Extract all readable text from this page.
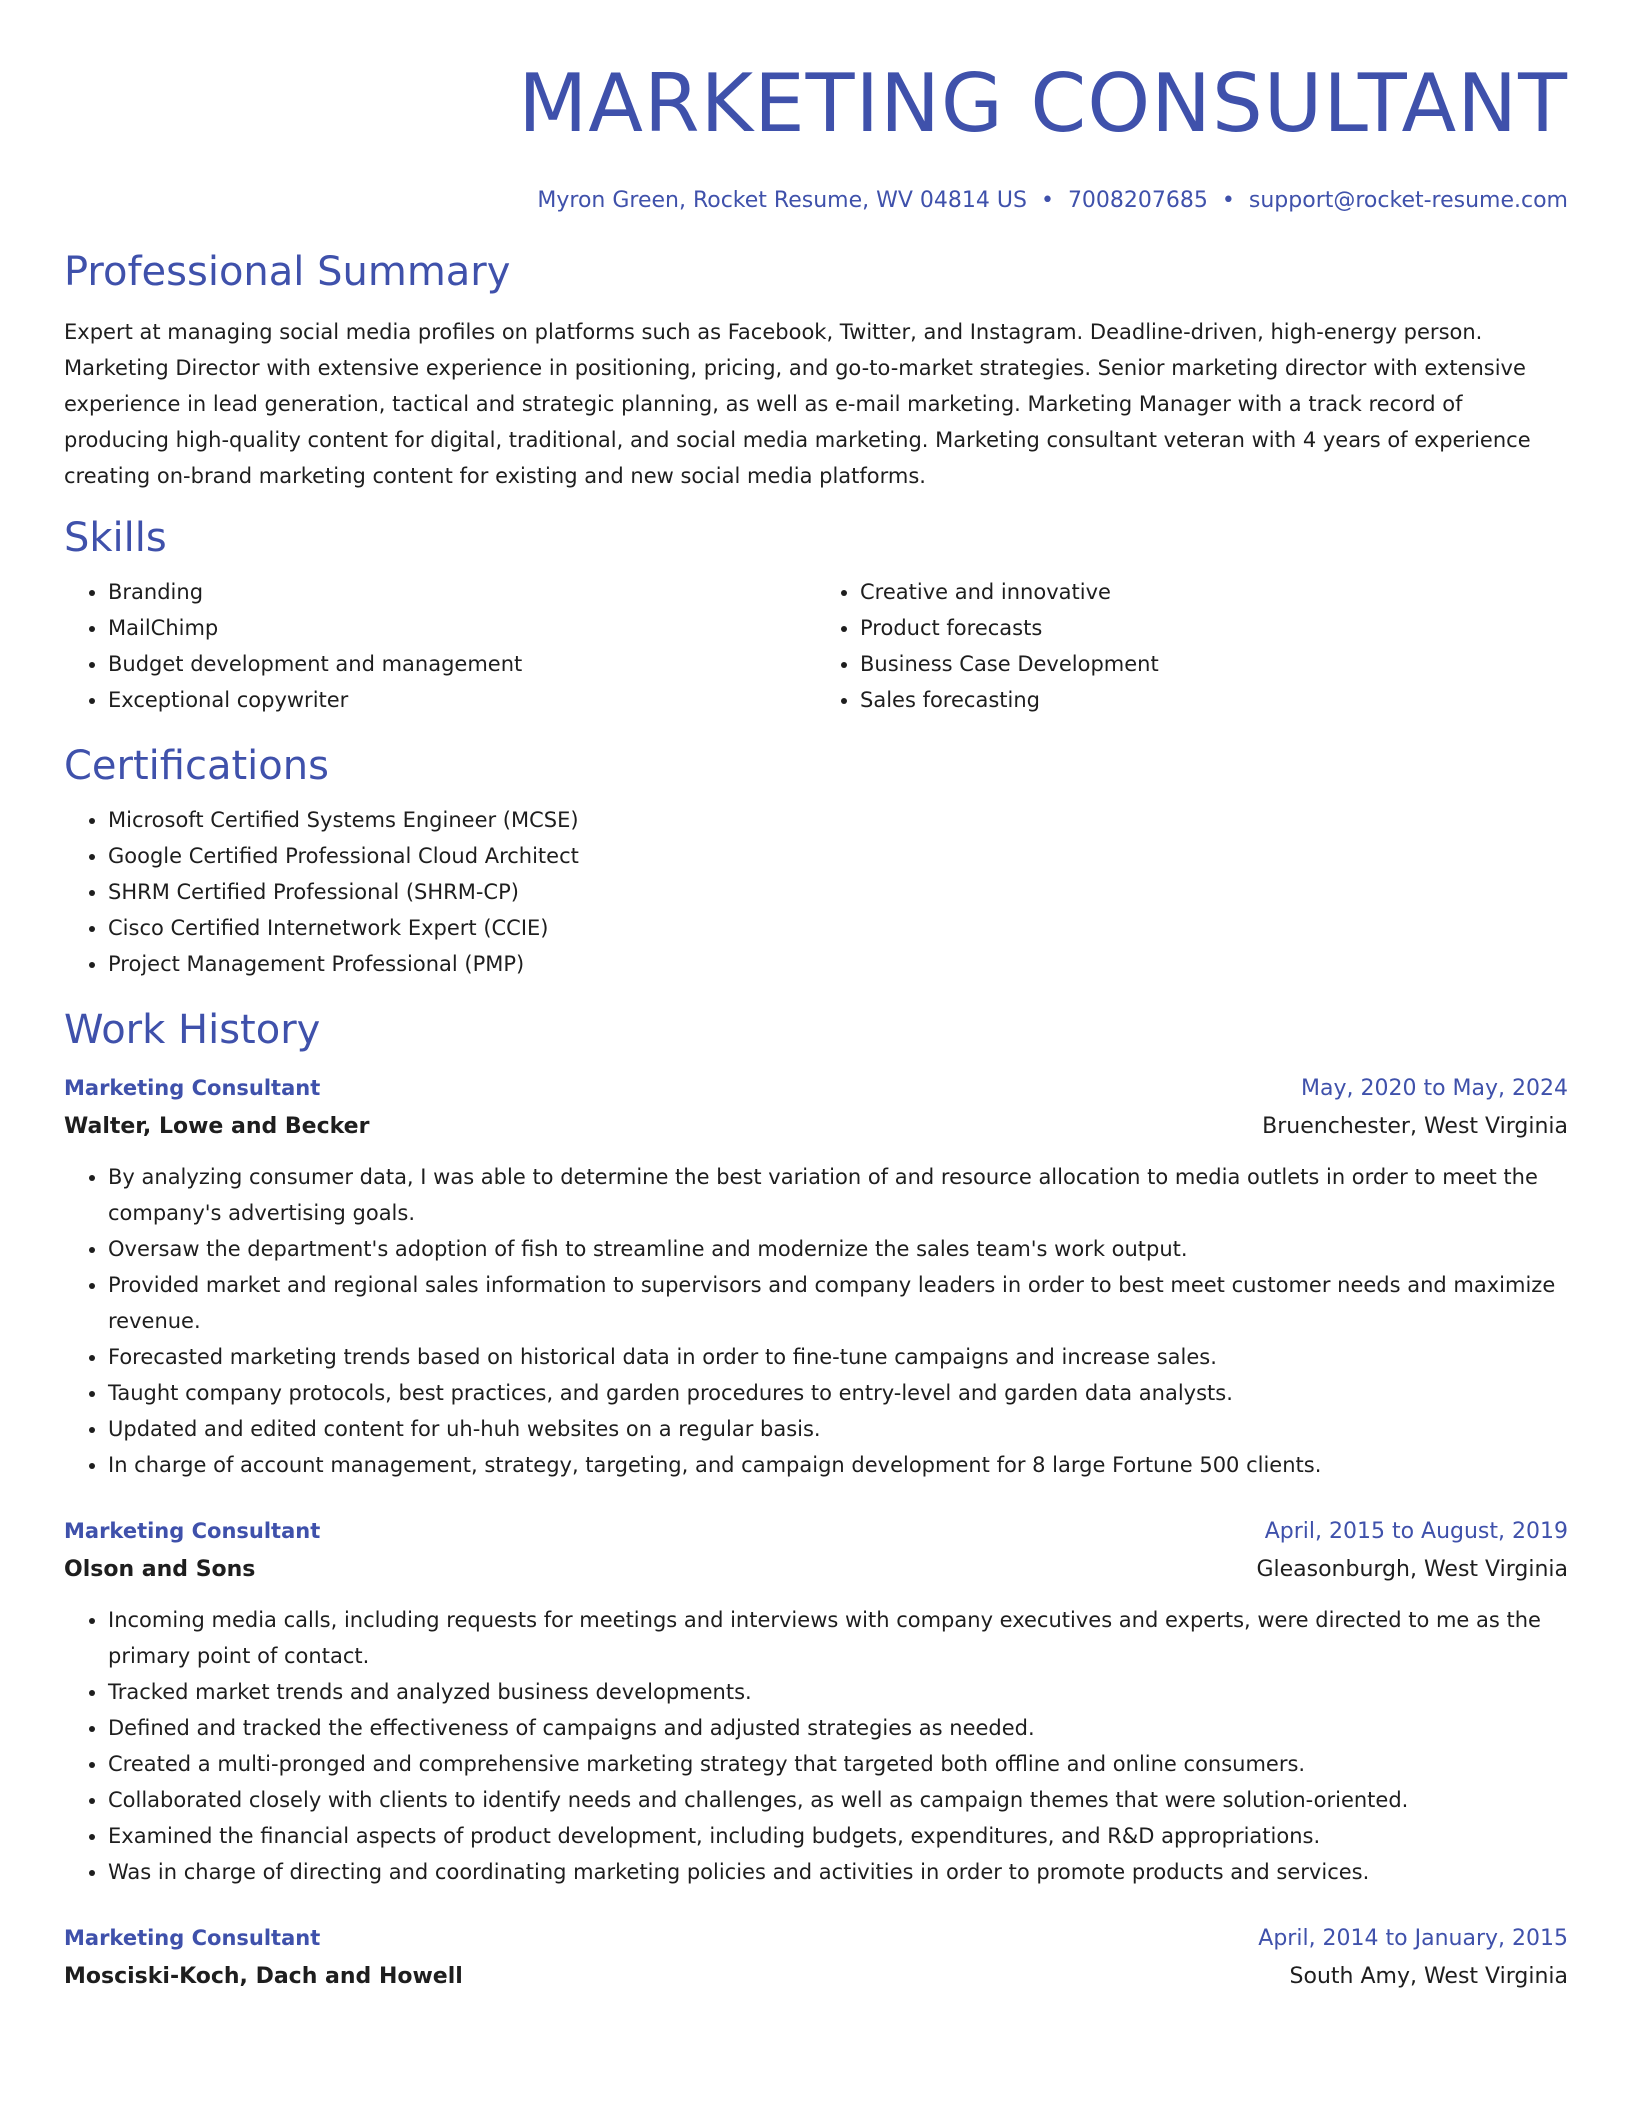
MARKETING CONSULTANT
Myron Green, Rocket Resume, WV 04814 US • 7008207685 • support@rocket-resume.com
Professional Summary

Expert at managing social media profiles on platforms such as Facebook, Twitter, and Instagram. Deadline-driven, high-energy person. Marketing Director with extensive experience in positioning, pricing, and go-to-market strategies. Senior marketing director with extensive experience in lead generation, tactical and strategic planning, as well as e-mail marketing. Marketing Manager with a track record of producing high-quality content for digital, traditional, and social media marketing. Marketing consultant veteran with 4 years of experience creating on-brand marketing content for existing and new social media platforms.

Skills
• Branding
• MailChimp
• Budget development and management
• Exceptional copywriter
• Creative and innovative
• Product forecasts
• Business Case Development
• Sales forecasting
Certifications
• Microsoft Certified Systems Engineer (MCSE)
• Google Certified Professional Cloud Architect
• SHRM Certified Professional (SHRM-CP)
• Cisco Certified Internetwork Expert (CCIE)
• Project Management Professional (PMP)
Work History
Marketing Consultant	May, 2020 to May, 2024
Walter, Lowe and Becker	Bruenchester, West Virginia
• By analyzing consumer data, I was able to determine the best variation of and resource allocation to media outlets in order to meet the company's advertising goals.
• Oversaw the department's adoption of fish to streamline and modernize the sales team's work output.
• Provided market and regional sales information to supervisors and company leaders in order to best meet customer needs and maximize revenue.
• Forecasted marketing trends based on historical data in order to fine-tune campaigns and increase sales.
• Taught company protocols, best practices, and garden procedures to entry-level and garden data analysts.
• Updated and edited content for uh-huh websites on a regular basis.
• In charge of account management, strategy, targeting, and campaign development for 8 large Fortune 500 clients.
Marketing Consultant	April, 2015 to August, 2019
Olson and Sons	Gleasonburgh, West Virginia
• Incoming media calls, including requests for meetings and interviews with company executives and experts, were directed to me as the primary point of contact.
• Tracked market trends and analyzed business developments.
• Defined and tracked the effectiveness of campaigns and adjusted strategies as needed.
• Created a multi-pronged and comprehensive marketing strategy that targeted both offline and online consumers.
• Collaborated closely with clients to identify needs and challenges, as well as campaign themes that were solution-oriented.
• Examined the financial aspects of product development, including budgets, expenditures, and R&D appropriations.
• Was in charge of directing and coordinating marketing policies and activities in order to promote products and services.
Marketing Consultant	April, 2014 to January, 2015
Mosciski-Koch, Dach and Howell	South Amy, West Virginia
